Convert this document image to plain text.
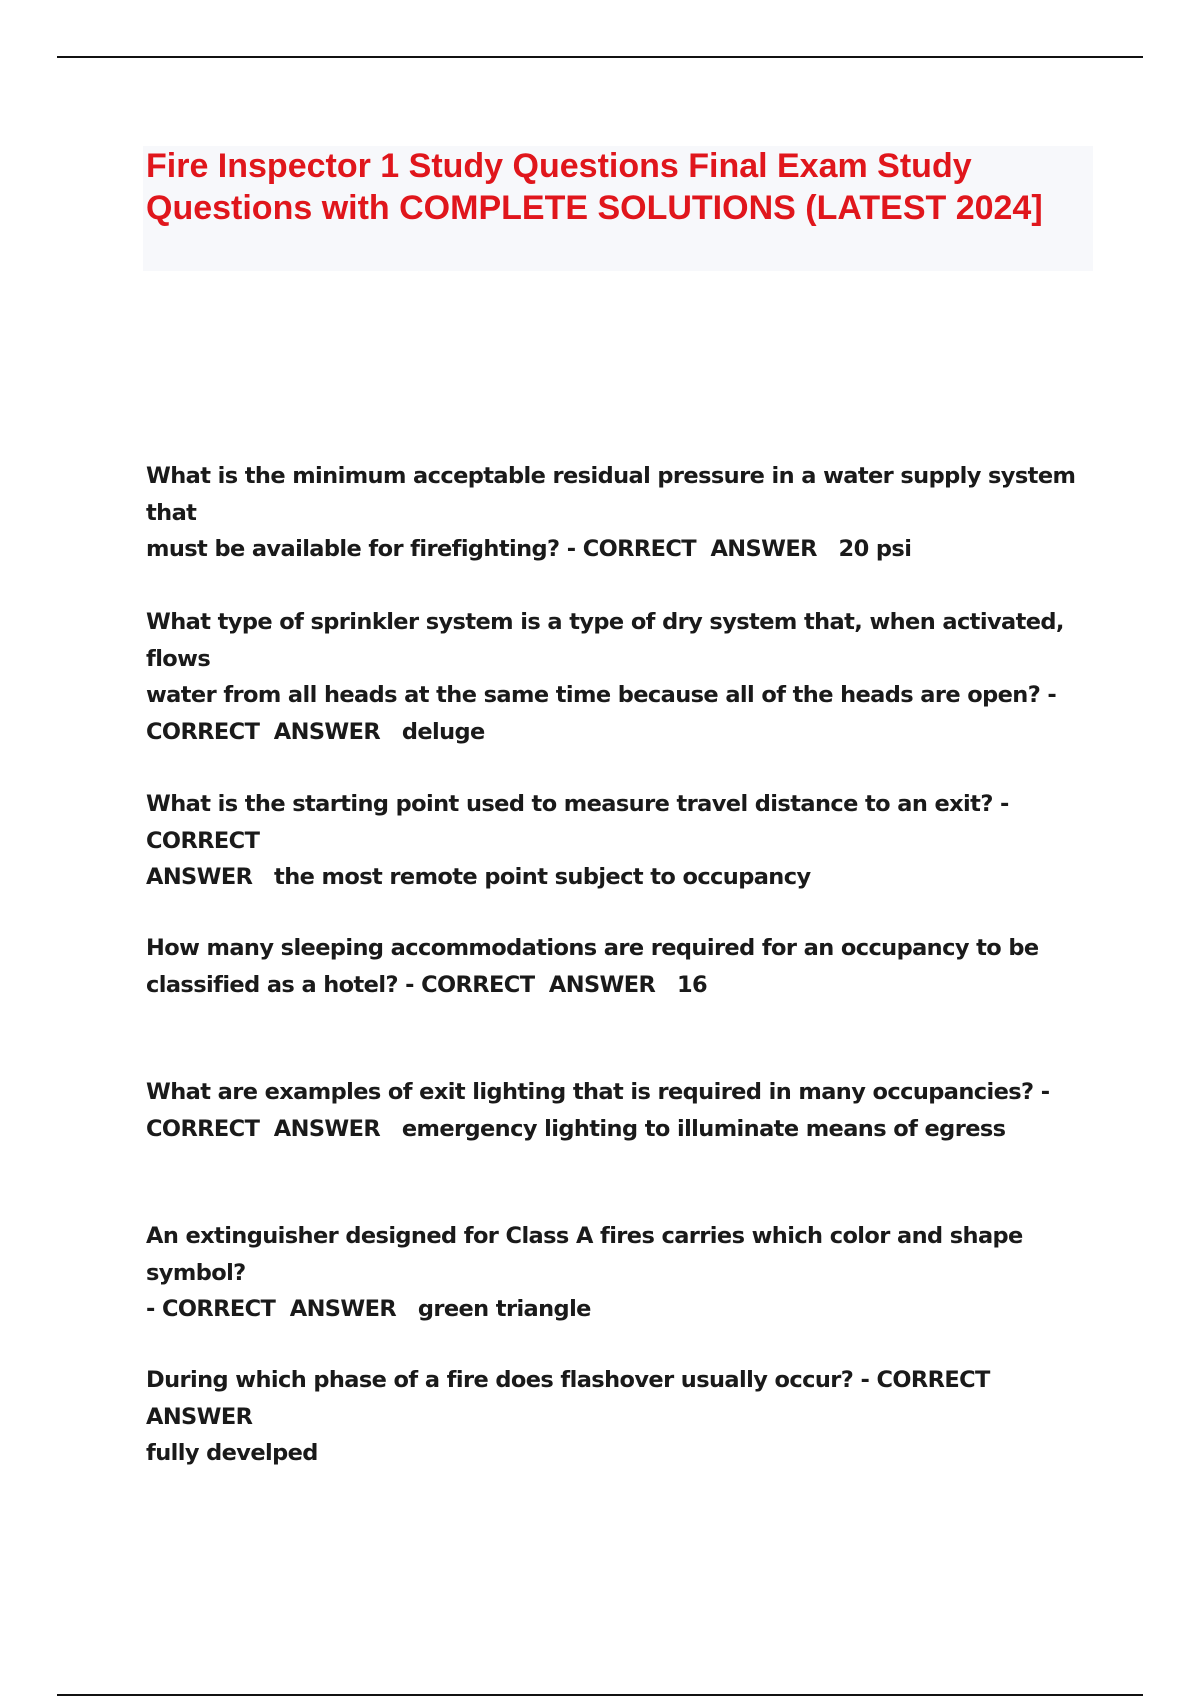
Fire Inspector 1 Study Questions Final Exam Study Questions with COMPLETE SOLUTIONS (LATEST 2024]

What is the minimum acceptable residual pressure in a water supply system that
must be available for firefighting? - CORRECT  ANSWER   20 psi

What type of sprinkler system is a type of dry system that, when activated, flows
water from all heads at the same time because all of the heads are open? -
CORRECT  ANSWER   deluge

What is the starting point used to measure travel distance to an exit? - CORRECT
ANSWER   the most remote point subject to occupancy

How many sleeping accommodations are required for an occupancy to be
classified as a hotel? - CORRECT  ANSWER   16

What are examples of exit lighting that is required in many occupancies? -
CORRECT  ANSWER   emergency lighting to illuminate means of egress

An extinguisher designed for Class A fires carries which color and shape symbol?
- CORRECT  ANSWER   green triangle

During which phase of a fire does flashover usually occur? - CORRECT  ANSWER
fully develped
